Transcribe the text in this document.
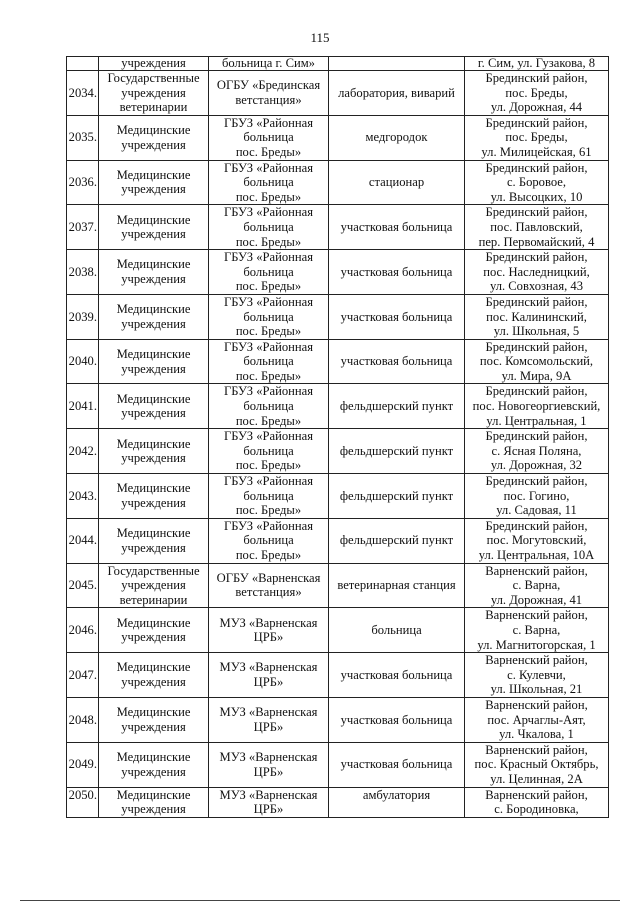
115
	учреждения	больница г. Сим»		г. Сим, ул. Гузакова, 8
2034.	Государственные учреждения ветеринарии	ОГБУ «Брединская ветстанция»	лаборатория, виварий	Брединский район,
пос. Бреды,
ул. Дорожная, 44
2035.	Медицинские учреждения	ГБУЗ «Районная больница
пос. Бреды»	медгородок	Брединский район,
пос. Бреды,
ул. Милицейская, 61
2036.	Медицинские учреждения	ГБУЗ «Районная больница
пос. Бреды»	стационар	Брединский район,
с. Боровое,
ул. Высоцких, 10
2037.	Медицинские учреждения	ГБУЗ «Районная больница
пос. Бреды»	участковая больница	Брединский район,
пос. Павловский,
пер. Первомайский, 4
2038.	Медицинские учреждения	ГБУЗ «Районная больница
пос. Бреды»	участковая больница	Брединский район,
пос. Наследницкий,
ул. Совхозная, 43
2039.	Медицинские учреждения	ГБУЗ «Районная больница
пос. Бреды»	участковая больница	Брединский район,
пос. Калининский,
ул. Школьная, 5
2040.	Медицинские учреждения	ГБУЗ «Районная больница
пос. Бреды»	участковая больница	Брединский район,
пос. Комсомольский,
ул. Мира, 9А
2041.	Медицинские учреждения	ГБУЗ «Районная больница
пос. Бреды»	фельдшерский пункт	Брединский район,
пос. Новогеоргиевский,
ул. Центральная, 1
2042.	Медицинские учреждения	ГБУЗ «Районная больница
пос. Бреды»	фельдшерский пункт	Брединский район,
с. Ясная Поляна,
ул. Дорожная, 32
2043.	Медицинские учреждения	ГБУЗ «Районная больница
пос. Бреды»	фельдшерский пункт	Брединский район,
пос. Гогино,
ул. Садовая, 11
2044.	Медицинские учреждения	ГБУЗ «Районная больница
пос. Бреды»	фельдшерский пункт	Брединский район,
пос. Могутовский,
ул. Центральная, 10А
2045.	Государственные учреждения ветеринарии	ОГБУ «Варненская ветстанция»	ветеринарная станция	Варненский район,
с. Варна,
ул. Дорожная, 41
2046.	Медицинские учреждения	МУЗ «Варненская ЦРБ»	больница	Варненский район,
с. Варна,
ул. Магнитогорская, 1
2047.	Медицинские учреждения	МУЗ «Варненская ЦРБ»	участковая больница	Варненский район,
с. Кулевчи,
ул. Школьная, 21
2048.	Медицинские учреждения	МУЗ «Варненская ЦРБ»	участковая больница	Варненский район,
пос. Арчаглы-Аят,
ул. Чкалова, 1
2049.	Медицинские учреждения	МУЗ «Варненская ЦРБ»	участковая больница	Варненский район,
пос. Красный Октябрь,
ул. Целинная, 2А
2050.	Медицинские учреждения	МУЗ «Варненская ЦРБ»	амбулатория	Варненский район,
с. Бородиновка,
